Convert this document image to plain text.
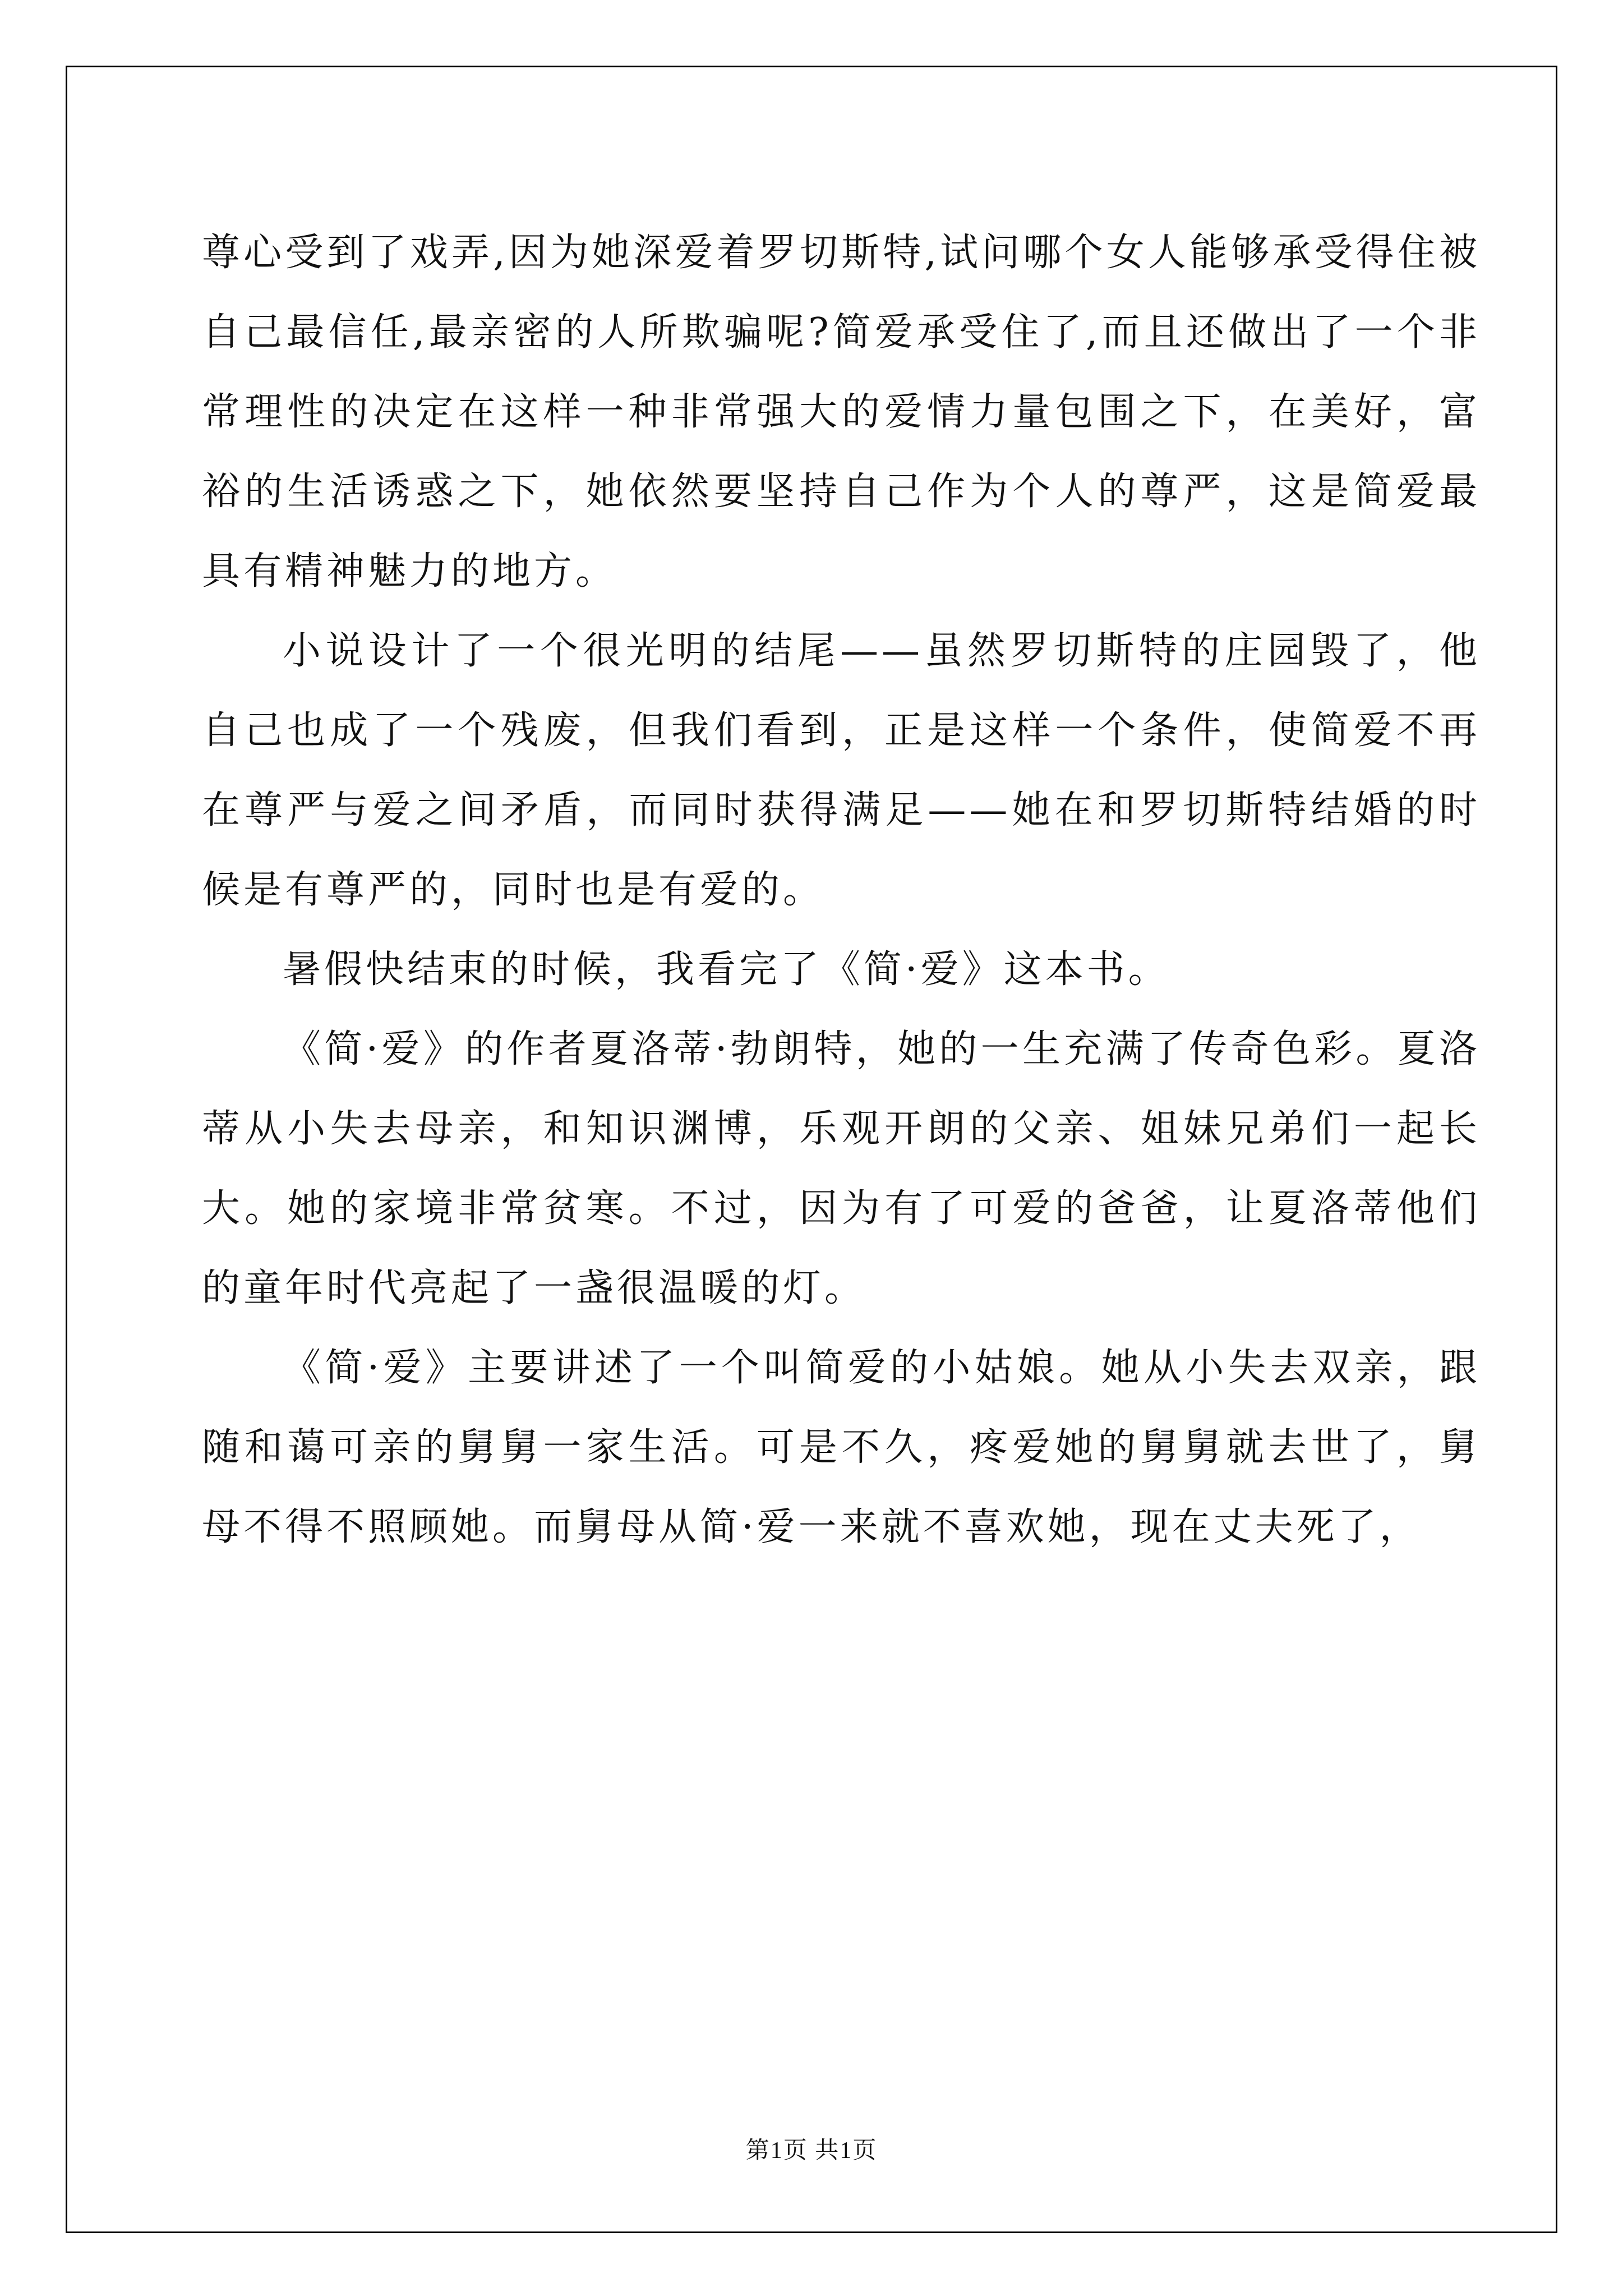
尊心受到了戏弄,因为她深爱着罗切斯特,试问哪个女人能够承受得住被自己最信任,最亲密的人所欺骗呢?简爱承受住了,而且还做出了一个非常理性的决定在这样一种非常强大的爱情力量包围之下，在美好，富裕的生活诱惑之下，她依然要坚持自己作为个人的尊严，这是简爱最具有精神魅力的地方。

小说设计了一个很光明的结尾——虽然罗切斯特的庄园毁了，他自己也成了一个残废，但我们看到，正是这样一个条件，使简爱不再在尊严与爱之间矛盾，而同时获得满足——她在和罗切斯特结婚的时候是有尊严的，同时也是有爱的。

暑假快结束的时候，我看完了《简·爱》这本书。

《简·爱》的作者夏洛蒂·勃朗特，她的一生充满了传奇色彩。夏洛蒂从小失去母亲，和知识渊博，乐观开朗的父亲、姐妹兄弟们一起长大。她的家境非常贫寒。不过，因为有了可爱的爸爸，让夏洛蒂他们的童年时代亮起了一盏很温暖的灯。

《简·爱》主要讲述了一个叫简爱的小姑娘。她从小失去双亲，跟随和蔼可亲的舅舅一家生活。可是不久，疼爱她的舅舅就去世了，舅母不得不照顾她。而舅母从简·爱一来就不喜欢她，现在丈夫死了，

第1页 共1页
